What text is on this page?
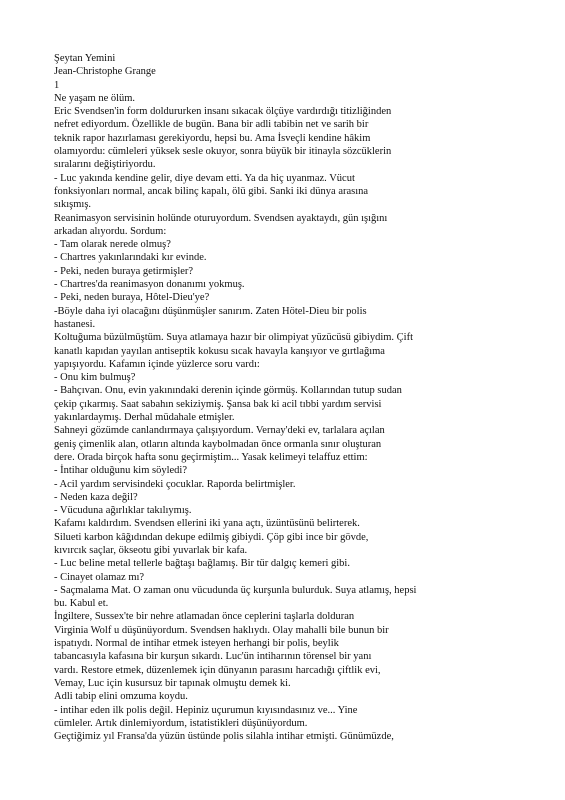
Şeytan Yemini
Jean-Christophe Grange
1
Ne yaşam ne ölüm.
Eric Svendsen'in form doldururken insanı sıkacak ölçüye vardırdığı titizliğinden
nefret ediyordum. Özellikle de bugün. Bana bir adli tabibin net ve sarih bir
teknik rapor hazırlaması gerekiyordu, hepsi bu. Ama İsveçli kendine hâkim
olamıyordu: cümleleri yüksek sesle okuyor, sonra büyük bir itinayla sözcüklerin
sıralarını değiştiriyordu.
- Luc yakında kendine gelir, diye devam etti. Ya da hiç uyanmaz. Vücut
fonksiyonları normal, ancak bilinç kapalı, ölü gibi. Sanki iki dünya arasına
sıkışmış.
Reanimasyon servisinin holünde oturuyordum. Svendsen ayaktaydı, gün ışığını
arkadan alıyordu. Sordum:
- Tam olarak nerede olmuş?
- Chartres yakınlarındaki kır evinde.
- Peki, neden buraya getirmişler?
- Chartres'da reanimasyon donanımı yokmuş.
- Peki, neden buraya, Hôtel-Dieu'ye?
-Böyle daha iyi olacağını düşünmüşler sanırım. Zaten Hötel-Dieu bir polis
hastanesi.
Koltuğuma büzülmüştüm. Suya atlamaya hazır bir olimpiyat yüzücüsü gibiydim. Çift
kanatlı kapıdan yayılan antiseptik kokusu sıcak havayla kanşıyor ve gırtlağıma
yapışıyordu. Kafamın içinde yüzlerce soru vardı:
- Onu kim bulmuş?
- Bahçıvan. Onu, evin yakınındaki derenin içinde görmüş. Kollarından tutup sudan
çekip çıkarmış. Saat sabahın sekiziymiş. Şansa bak ki acil tıbbi yardım servisi
yakınlardaymış. Derhal müdahale etmişler.
Sahneyi gözümde canlandırmaya çalışıyordum. Vernay'deki ev, tarlalara açılan
geniş çimenlik alan, otların altında kaybolmadan önce ormanla sınır oluşturan
dere. Orada birçok hafta sonu geçirmiştim... Yasak kelimeyi telaffuz ettim:
- İntihar olduğunu kim söyledi?
- Acil yardım servisindeki çocuklar. Raporda belirtmişler.
- Neden kaza değil?
- Vücuduna ağırlıklar takılıymış.
Kafamı kaldırdım. Svendsen ellerini iki yana açtı, üzüntüsünü belirterek.
Silueti karbon kâğıdından dekupe edilmiş gibiydi. Çöp gibi ince bir gövde,
kıvırcık saçlar, ökseotu gibi yuvarlak bir kafa.
- Luc beline metal tellerle bağtaşı bağlamış. Bir tür dalgıç kemeri gibi.
- Cinayet olamaz mı?
- Saçmalama Mat. O zaman onu vücudunda üç kurşunla bulurduk. Suya atlamış, hepsi
bu. Kabul et.
İngiltere, Sussex'te bir nehre atlamadan önce ceplerini taşlarla dolduran
Virginia Wolf u düşünüyordum. Svendsen haklıydı. Olay mahalli bile bunun bir
ispatıydı. Normal de intihar etmek isteyen herhangi bir polis, beylik
tabancasıyla kafasına bir kurşun sıkardı. Luc'ün intiharının törensel bir yanı
vardı. Restore etmek, düzenlemek için dünyanın parasını harcadığı çiftlik evi,
Vemay, Luc için kusursuz bir tapınak olmuştu demek ki.
Adli tabip elini omzuma koydu.
- intihar eden ilk polis değil. Hepiniz uçurumun kıyısındasınız ve... Yine
cümleler. Artık dinlemiyordum, istatistikleri düşünüyordum.
Geçtiğimiz yıl Fransa'da yüzün üstünde polis silahla intihar etmişti. Günümüzde,
